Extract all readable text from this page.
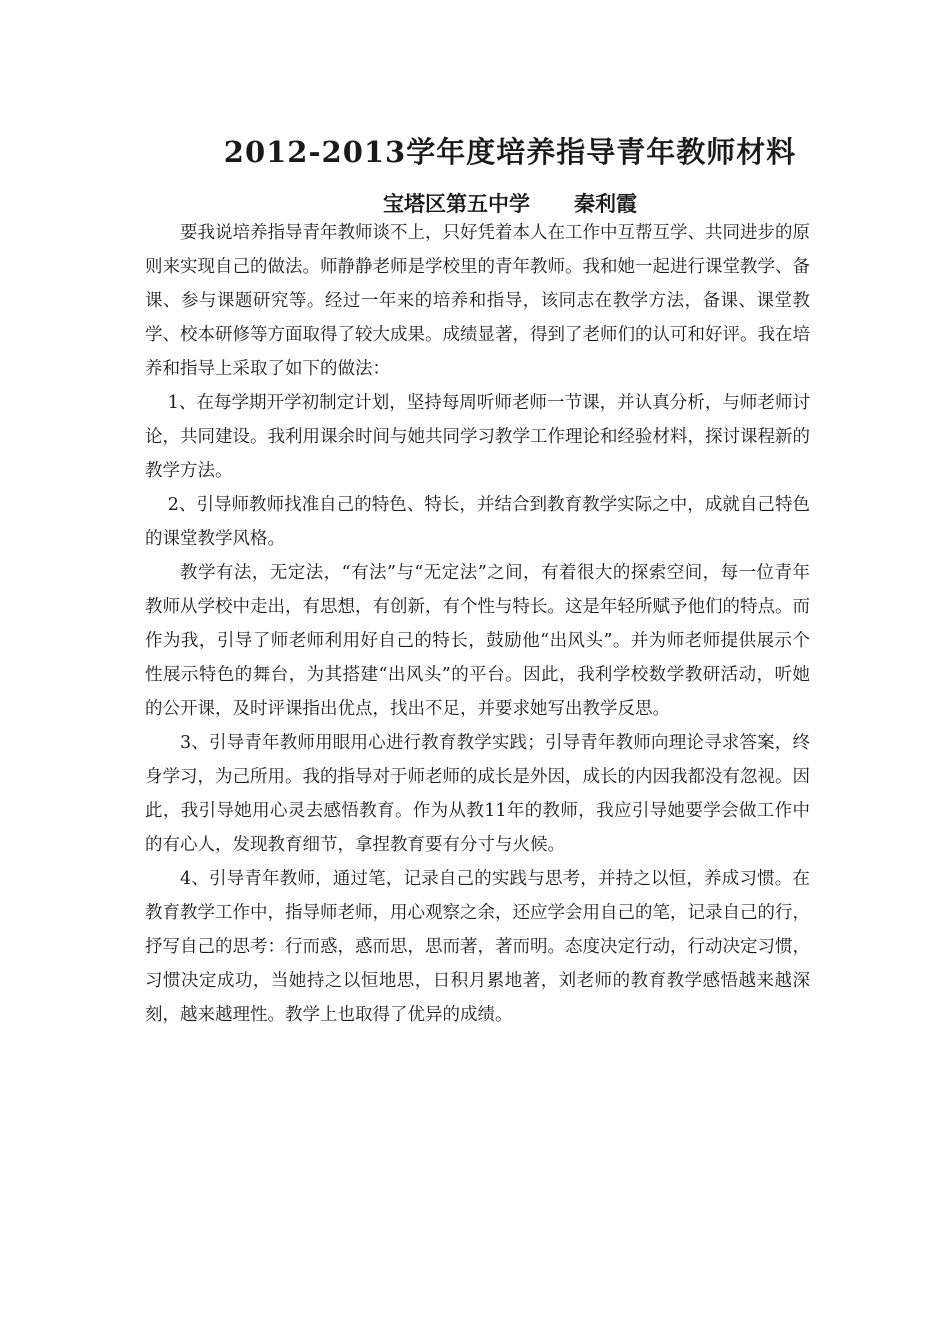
2012-2013学年度培养指导青年教师材料
宝塔区第五中学 秦利霞

要我说培养指导青年教师谈不上，只好凭着本人在工作中互帮互学、共同进步的原则来实现自己的做法。师静静老师是学校里的青年教师。我和她一起进行课堂教学、备课、参与课题研究等。经过一年来的培养和指导，该同志在教学方法，备课、课堂教学、校本研修等方面取得了较大成果。成绩显著，得到了老师们的认可和好评。我在培养和指导上采取了如下的做法：

1、在每学期开学初制定计划，坚持每周听师老师一节课，并认真分析，与师老师讨论，共同建设。我利用课余时间与她共同学习教学工作理论和经验材料，探讨课程新的教学方法。

2、引导师教师找准自己的特色、特长，并结合到教育教学实际之中，成就自己特色的课堂教学风格。

教学有法，无定法，“有法”与“无定法”之间，有着很大的探索空间，每一位青年教师从学校中走出，有思想，有创新，有个性与特长。这是年轻所赋予他们的特点。而作为我，引导了师老师利用好自己的特长，鼓励他“出风头”。并为师老师提供展示个性展示特色的舞台，为其搭建“出风头”的平台。因此，我利学校数学教研活动，听她的公开课，及时评课指出优点，找出不足，并要求她写出教学反思。

3、引导青年教师用眼用心进行教育教学实践；引导青年教师向理论寻求答案，终身学习，为己所用。我的指导对于师老师的成长是外因，成长的内因我都没有忽视。因此，我引导她用心灵去感悟教育。作为从教11年的教师，我应引导她要学会做工作中的有心人，发现教育细节，拿捏教育要有分寸与火候。

4、引导青年教师，通过笔，记录自己的实践与思考，并持之以恒，养成习惯。在教育教学工作中，指导师老师，用心观察之余，还应学会用自己的笔，记录自己的行，抒写自己的思考：行而惑，惑而思，思而著，著而明。态度决定行动，行动决定习惯，习惯决定成功，当她持之以恒地思，日积月累地著，刘老师的教育教学感悟越来越深刻，越来越理性。教学上也取得了优异的成绩。
